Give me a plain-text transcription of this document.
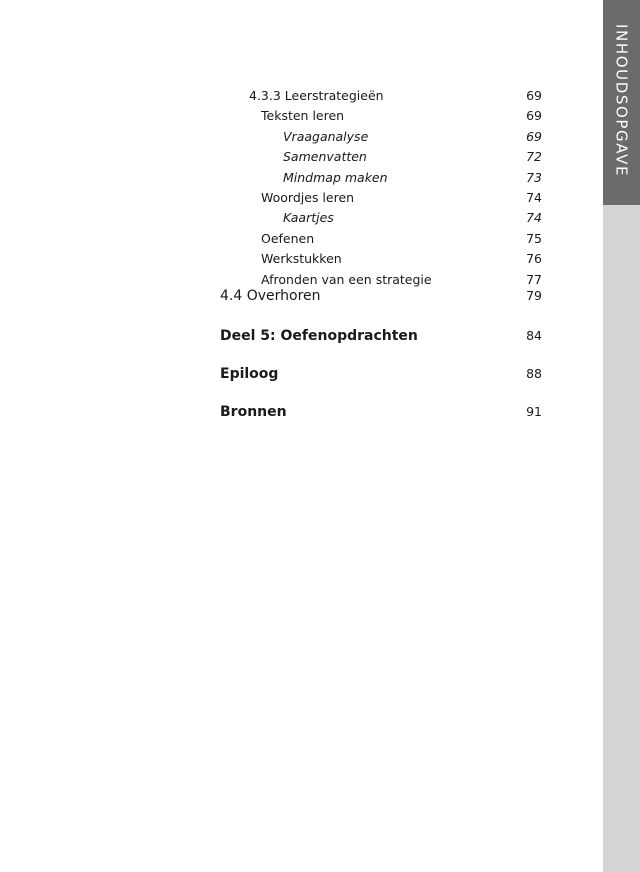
INHOUDSOPGAVE
4.3.3 Leerstrategieën	69
Teksten leren	69
Vraaganalyse	69
Samenvatten	72
Mindmap maken	73
Woordjes leren	74
Kaartjes	74
Oefenen	75
Werkstukken	76
Afronden van een strategie	77
4.4 Overhoren	79
Deel 5: Oefenopdrachten	84
Epiloog	88
Bronnen	91
